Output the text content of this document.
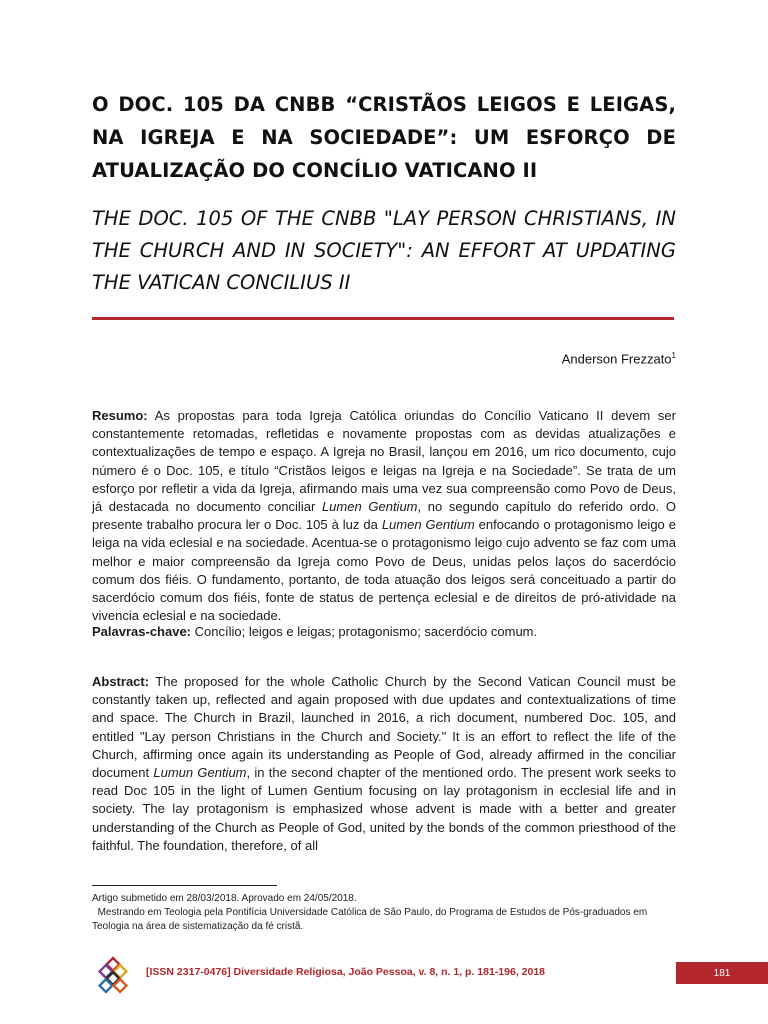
O DOC. 105 DA CNBB “CRISTÃOS LEIGOS E LEIGAS, NA IGREJA E NA SOCIEDADE”: UM ESFORÇO DE ATUALIZAÇÃO DO CONCÍLIO VATICANO II
THE DOC. 105 OF THE CNBB "LAY PERSON CHRISTIANS, IN THE CHURCH AND IN SOCIETY": AN EFFORT AT UPDATING THE VATICAN CONCILIUS II
Anderson Frezzato$^1$

Resumo: As propostas para toda Igreja Católica oriundas do Concílio Vaticano II devem ser constantemente retomadas, refletidas e novamente propostas com as devidas atualizações e contextualizações de tempo e espaço. A Igreja no Brasil, lançou em 2016, um rico documento, cujo número é o Doc. 105, e título “Cristãos leigos e leigas na Igreja e na Sociedade”. Se trata de um esforço por refletir a vida da Igreja, afirmando mais uma vez sua compreensão como Povo de Deus, já destacada no documento conciliar Lumen Gentium, no segundo capítulo do referido ordo. O presente trabalho procura ler o Doc. 105 à luz da Lumen Gentium enfocando o protagonismo leigo e leiga na vida eclesial e na sociedade. Acentua-se o protagonismo leigo cujo advento se faz com uma melhor e maior compreensão da Igreja como Povo de Deus, unidas pelos laços do sacerdócio comum dos fiéis. O fundamento, portanto, de toda atuação dos leigos será conceituado a partir do sacerdócio comum dos fiéis, fonte de status de pertença eclesial e de direitos de pró-atividade na vivencia eclesial e na sociedade.

Palavras-chave: Concílio; leigos e leigas; protagonismo; sacerdócio comum.

Abstract: The proposed for the whole Catholic Church by the Second Vatican Council must be constantly taken up, reflected and again proposed with due updates and contextualizations of time and space. The Church in Brazil, launched in 2016, a rich document, numbered Doc. 105, and entitled "Lay person Christians in the Church and Society." It is an effort to reflect the life of the Church, affirming once again its understanding as People of God, already affirmed in the conciliar document Lumun Gentium, in the second chapter of the mentioned ordo. The present work seeks to read Doc 105 in the light of Lumen Gentium focusing on lay protagonism in ecclesial life and in society. The lay protagonism is emphasized whose advent is made with a better and greater understanding of the Church as People of God, united by the bonds of the common priesthood of the faithful. The foundation, therefore, of all

Artigo submetido em 28/03/2018. Aprovado em 24/05/2018.

Mestrando em Teologia pela Pontifícia Universidade Católica de São Paulo, do Programa de Estudos de Pós-graduados em Teologia na área de sistematização da fé cristã.

[ISSN 2317-0476] Diversidade Religiosa, João Pessoa, v. 8, n. 1, p. 181-196, 2018	181
